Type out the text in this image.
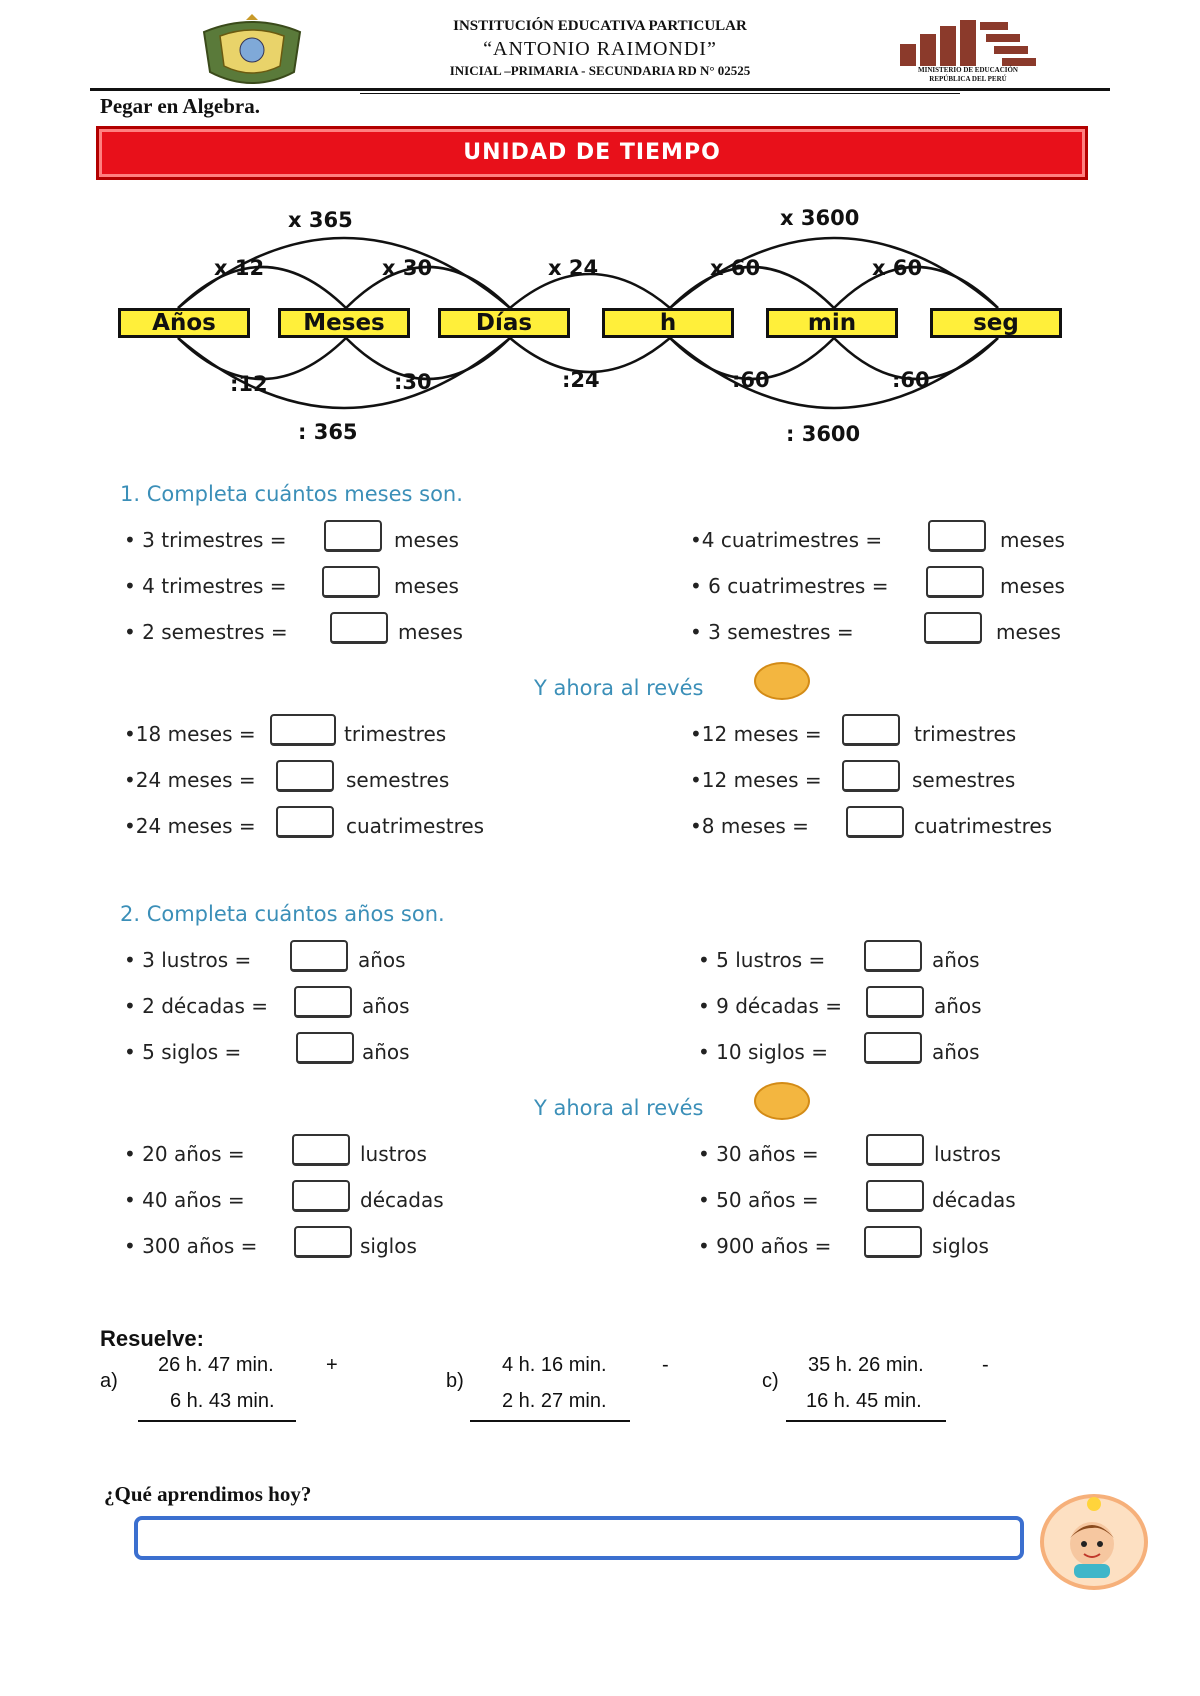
INSTITUCIÓN EDUCATIVA PARTICULAR
“ANTONIO RAIMONDI”
INICIAL –PRIMARIA - SECUNDARIA RD N° 02525	MINISTERIO DE EDUCACIÓN
REPÚBLICA DEL PERÚ
Pegar en Algebra.
UNIDAD DE TIEMPO
Años	Meses	Días	h	min	seg
x 365	x 3600
x 12	x 30	x 24	x 60	x 60
:12	:30	:24	:60	:60
: 365	: 3600
1. Completa cuántos meses son.
Y ahora al revés
2. Completa cuántos años son.
Y ahora al revés
• 3 trimestres =	meses
• 4 trimestres =	meses
• 2 semestres =	meses
•4 cuatrimestres =	meses
• 6 cuatrimestres =	meses
• 3 semestres =	meses
•18 meses =	trimestres
•24 meses =	semestres
•24 meses =	cuatrimestres
•12 meses =	trimestres
•12 meses =	semestres
•8 meses =	cuatrimestres
• 3 lustros =	años
• 2 décadas =	años
• 5 siglos =	años
• 5 lustros =	años
• 9 décadas =	años
• 10 siglos =	años
• 20 años =	lustros
• 40 años =	décadas
• 300 años =	siglos
• 30 años =	lustros
• 50 años =	décadas
• 900 años =	siglos
Resuelve:
a)
26 h. 47 min.	+
6 h. 43 min.
b)
4 h. 16 min.	-
2 h. 27 min.
c)
35 h. 26 min.	-
16 h. 45 min.
¿Qué aprendimos hoy?
